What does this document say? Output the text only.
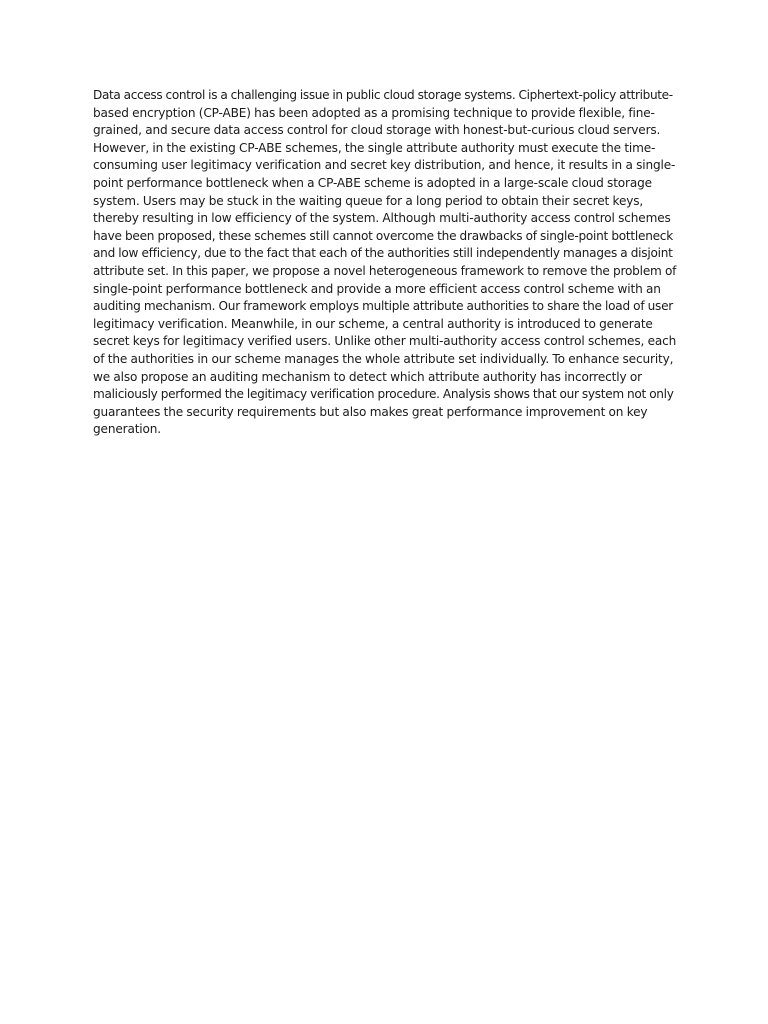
Data access control is a challenging issue in public cloud storage systems. Ciphertext-policy attribute-
based encryption (CP-ABE) has been adopted as a promising technique to provide flexible, fine-
grained, and secure data access control for cloud storage with honest-but-curious cloud servers.
However, in the existing CP-ABE schemes, the single attribute authority must execute the time-
consuming user legitimacy verification and secret key distribution, and hence, it results in a single-
point performance bottleneck when a CP-ABE scheme is adopted in a large-scale cloud storage
system. Users may be stuck in the waiting queue for a long period to obtain their secret keys,
thereby resulting in low efficiency of the system. Although multi-authority access control schemes
have been proposed, these schemes still cannot overcome the drawbacks of single-point bottleneck
and low efficiency, due to the fact that each of the authorities still independently manages a disjoint
attribute set. In this paper, we propose a novel heterogeneous framework to remove the problem of
single-point performance bottleneck and provide a more efficient access control scheme with an
auditing mechanism. Our framework employs multiple attribute authorities to share the load of user
legitimacy verification. Meanwhile, in our scheme, a central authority is introduced to generate
secret keys for legitimacy verified users. Unlike other multi-authority access control schemes, each
of the authorities in our scheme manages the whole attribute set individually. To enhance security,
we also propose an auditing mechanism to detect which attribute authority has incorrectly or
maliciously performed the legitimacy verification procedure. Analysis shows that our system not only
guarantees the security requirements but also makes great performance improvement on key
generation.
